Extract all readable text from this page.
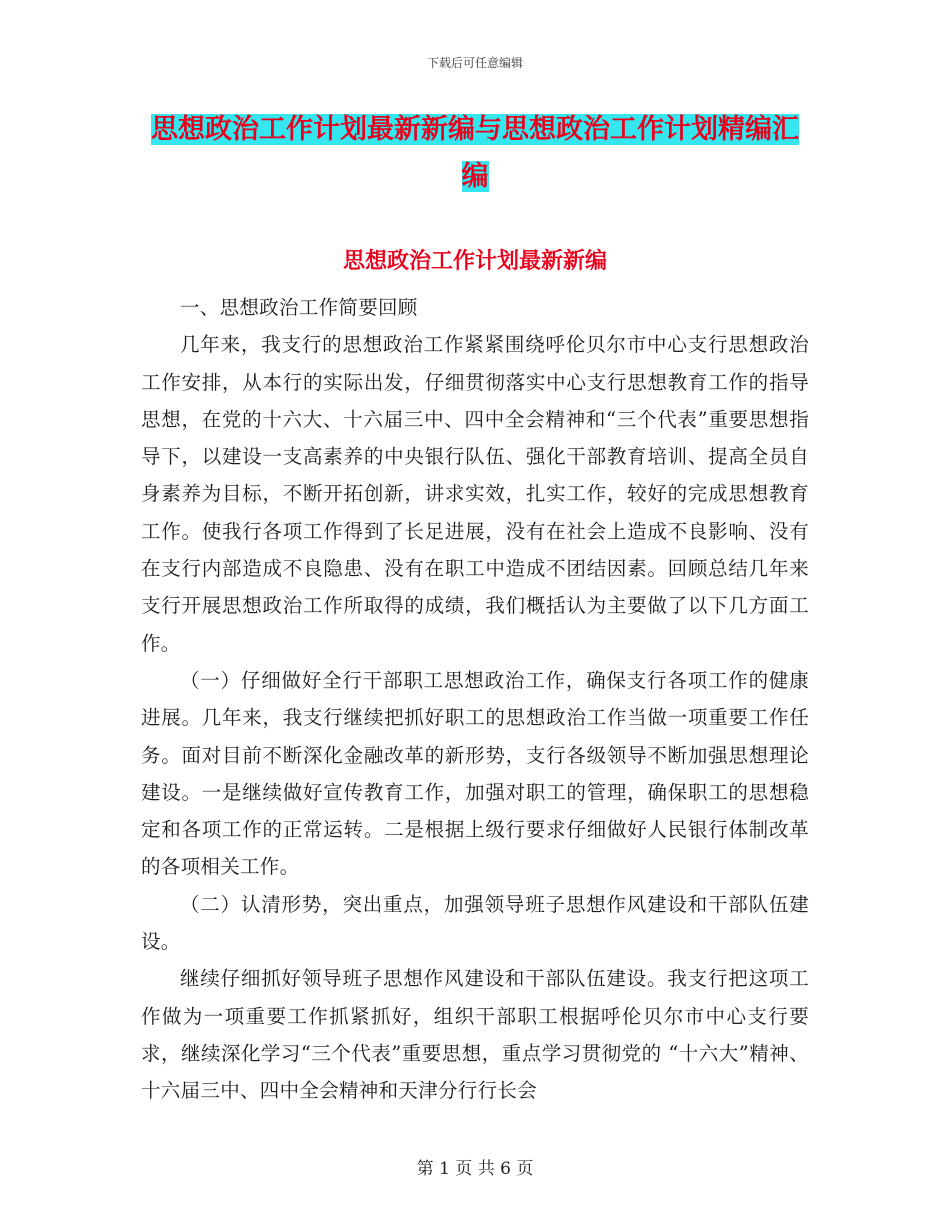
下载后可任意编辑
思想政治工作计划最新新编与思想政治工作计划精编汇编
思想政治工作计划最新新编

一、思想政治工作简要回顾

几年来，我支行的思想政治工作紧紧围绕呼伦贝尔市中心支行思想政治工作安排，从本行的实际出发，仔细贯彻落实中心支行思想教育工作的指导思想，在党的十六大、十六届三中、四中全会精神和“三个代表”重要思想指导下，以建设一支高素养的中央银行队伍、强化干部教育培训、提高全员自身素养为目标，不断开拓创新，讲求实效，扎实工作，较好的完成思想教育工作。使我行各项工作得到了长足进展，没有在社会上造成不良影响、没有在支行内部造成不良隐患、没有在职工中造成不团结因素。回顾总结几年来支行开展思想政治工作所取得的成绩，我们概括认为主要做了以下几方面工作。

（一）仔细做好全行干部职工思想政治工作，确保支行各项工作的健康进展。几年来，我支行继续把抓好职工的思想政治工作当做一项重要工作任务。面对目前不断深化金融改革的新形势，支行各级领导不断加强思想理论建设。一是继续做好宣传教育工作，加强对职工的管理，确保职工的思想稳定和各项工作的正常运转。二是根据上级行要求仔细做好人民银行体制改革的各项相关工作。

（二）认清形势，突出重点，加强领导班子思想作风建设和干部队伍建设。

继续仔细抓好领导班子思想作风建设和干部队伍建设。我支行把这项工作做为一项重要工作抓紧抓好，组织干部职工根据呼伦贝尔市中心支行要求，继续深化学习“三个代表”重要思想，重点学习贯彻党的 “十六大”精神、十六届三中、四中全会精神和天津分行行长会

第 1 页 共 6 页
